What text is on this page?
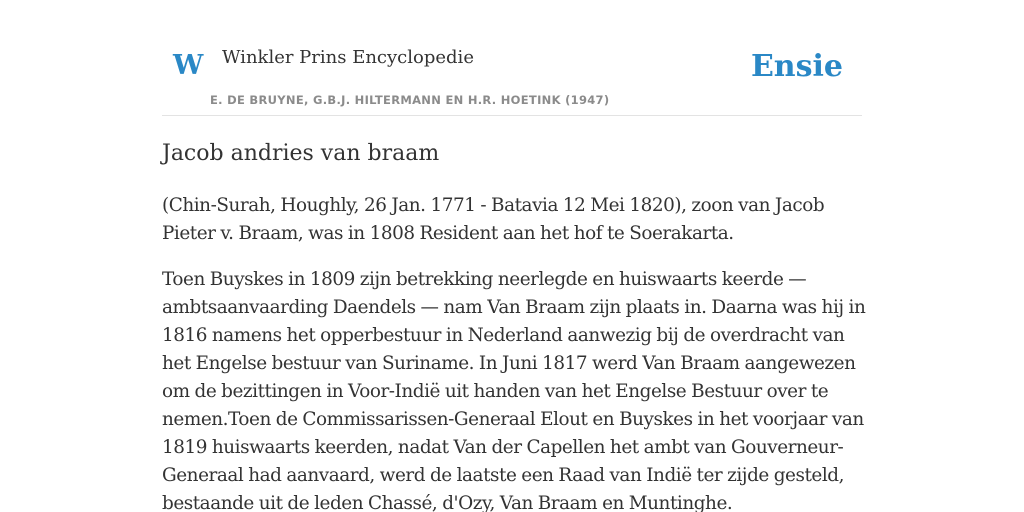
W Winkler Prins Encyclopedie
E. DE BRUYNE, G.B.J. HILTERMANN EN H.R. HOETINK (1947)
Ensie
Jacob andries van braam

(Chin-Surah, Houghly, 26 Jan. 1771 - Batavia 12 Mei 1820), zoon van Jacob Pieter v. Braam, was in 1808 Resident aan het hof te Soerakarta.

Toen Buyskes in 1809 zijn betrekking neerlegde en huiswaarts keerde — ambtsaanvaarding Daendels — nam Van Braam zijn plaats in. Daarna was hij in 1816 namens het opperbestuur in Nederland aanwezig bij de overdracht van het Engelse bestuur van Suriname. In Juni 1817 werd Van Braam aangewezen om de bezittingen in Voor-Indië uit handen van het Engelse Bestuur over te nemen.Toen de Commissarissen-Generaal Elout en Buyskes in het voorjaar van 1819 huiswaarts keerden, nadat Van der Capellen het ambt van Gouverneur-Generaal had aanvaard, werd de laatste een Raad van Indië ter zijde gesteld, bestaande uit de leden Chassé, d'Ozy, Van Braam en Muntinghe.
